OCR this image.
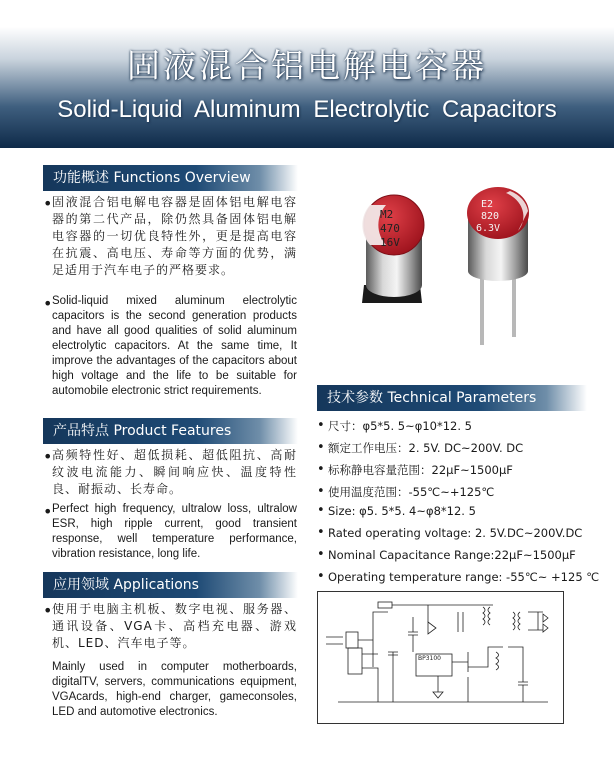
固液混合铝电解电容器
Solid-Liquid Aluminum Electrolytic Capacitors
功能概述 Functions Overview
• 固液混合铝电解电容器是固体铝电解电容器的第二代产品，除仍然具备固体铝电解电容器的一切优良特性外，更是提高电容在抗震、高电压、寿命等方面的优势，满足适用于汽车电子的严格要求。
• Solid-liquid mixed aluminum electrolytic capacitors is the second generation products and have all good qualities of solid aluminum electrolytic capacitors. At the same time, It improve the advantages of the capacitors about high voltage and the life to be suitable for automobile electronic strict requirements.
产品特点 Product Features
• 高频特性好、超低损耗、超低阻抗、高耐纹波电流能力、瞬间响应快、温度特性良、耐振动、长寿命。
• Perfect high frequency, ultralow loss, ultralow ESR, high ripple current, good transient response, well temperature performance, vibration resistance, long life.
应用领域 Applications
• 使用于电脑主机板、数字电视、服务器、通讯设备、VGA卡、高档充电器、游戏机、LED、汽车电子等。
Mainly used in computer motherboards, digitalTV, servers, communications equipment, VGAcards, high-end charger, gameconsoles, LED and automotive electronics.
技术参数 Technical Parameters
• 尺寸：φ5*5. 5~φ10*12. 5
• 额定工作电压：2. 5V. DC~200V. DC
• 标称静电容量范围：22μF~1500μF
• 使用温度范围：-55℃~+125℃
• Size: φ5. 5*5. 4~φ8*12. 5
• Rated operating voltage: 2. 5V.DC~200V.DC
• Nominal Capacitance Range:22μF~1500μF
• Operating temperature range: -55℃~ +125 ℃
M2
470
16V
E2
820
6.3V
BP3100
